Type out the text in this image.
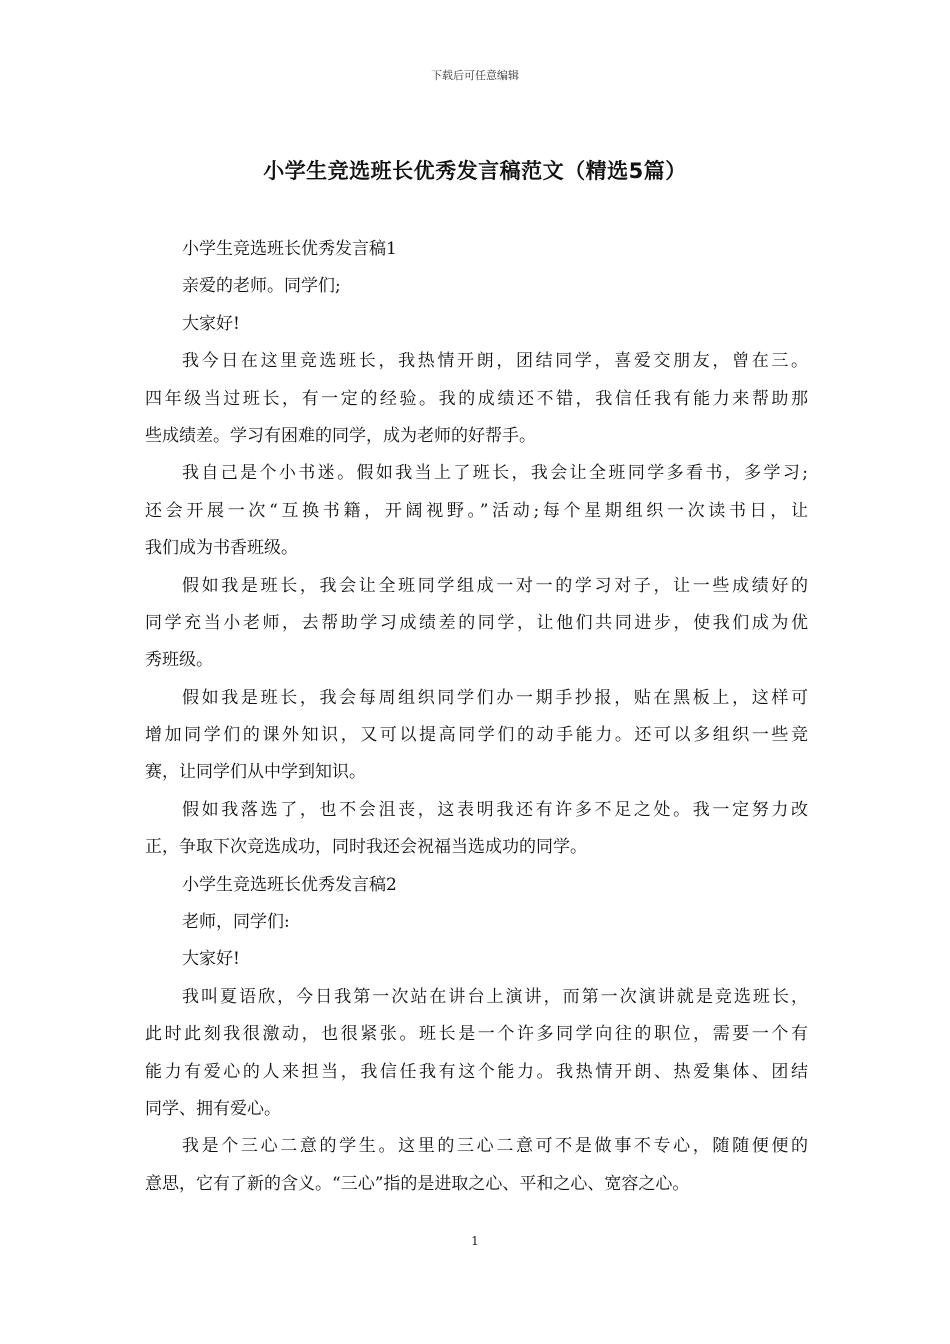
下载后可任意编辑
小学生竞选班长优秀发言稿范文（精选5篇）
小学生竞选班长优秀发言稿1
亲爱的老师。同学们;
大家好!
我今日在这里竞选班长，我热情开朗，团结同学，喜爱交朋友，曾在三。
四年级当过班长，有一定的经验。我的成绩还不错，我信任我有能力来帮助那
些成绩差。学习有困难的同学，成为老师的好帮手。
我自己是个小书迷。假如我当上了班长，我会让全班同学多看书，多学习;
还会开展一次“互换书籍，开阔视野。”活动;每个星期组织一次读书日，让
我们成为书香班级。
假如我是班长，我会让全班同学组成一对一的学习对子，让一些成绩好的
同学充当小老师，去帮助学习成绩差的同学，让他们共同进步，使我们成为优
秀班级。
假如我是班长，我会每周组织同学们办一期手抄报，贴在黑板上，这样可
增加同学们的课外知识，又可以提高同学们的动手能力。还可以多组织一些竞
赛，让同学们从中学到知识。
假如我落选了，也不会沮丧，这表明我还有许多不足之处。我一定努力改
正，争取下次竞选成功，同时我还会祝福当选成功的同学。
小学生竞选班长优秀发言稿2
老师，同学们:
大家好!
我叫夏语欣，今日我第一次站在讲台上演讲，而第一次演讲就是竞选班长，
此时此刻我很激动，也很紧张。班长是一个许多同学向往的职位，需要一个有
能力有爱心的人来担当，我信任我有这个能力。我热情开朗、热爱集体、团结
同学、拥有爱心。
我是个三心二意的学生。这里的三心二意可不是做事不专心，随随便便的
意思，它有了新的含义。“三心”指的是进取之心、平和之心、宽容之心。
1
